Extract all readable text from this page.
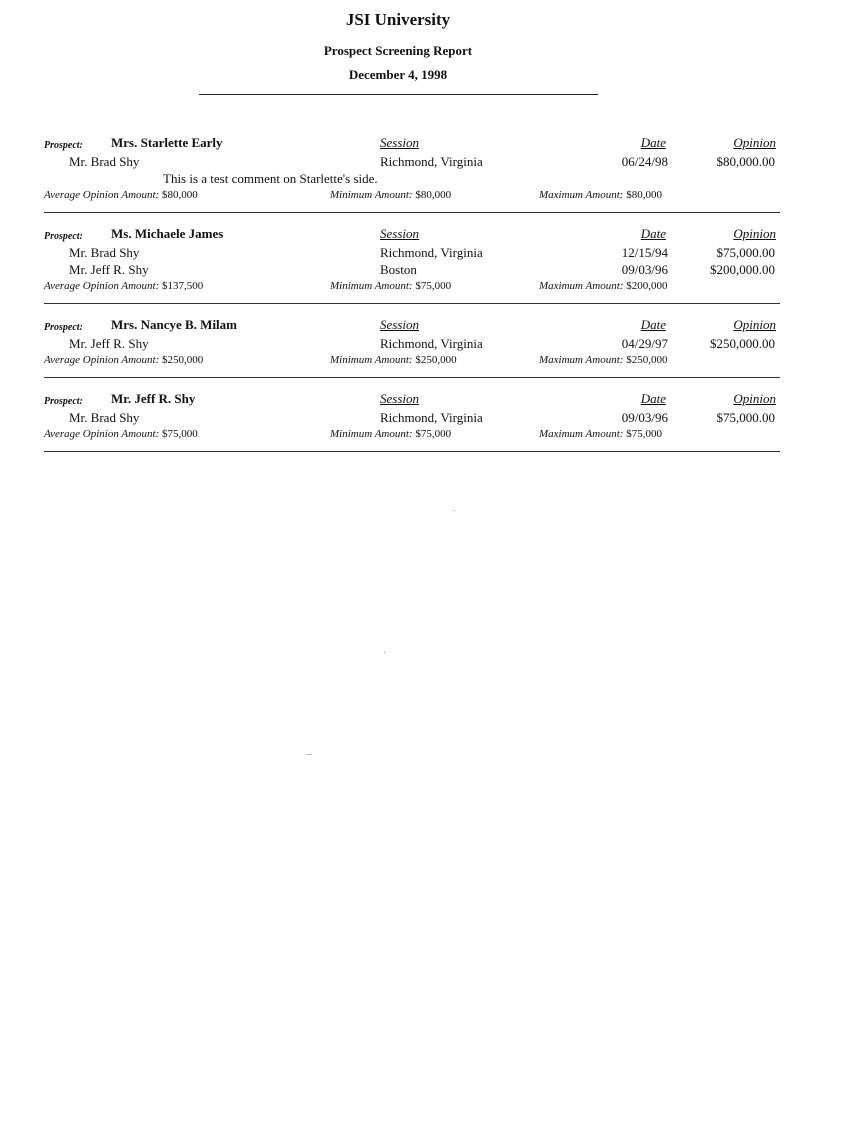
JSI University
Prospect Screening Report
December 4, 1998
Prospect: Mrs. Starlette Early	Session	Date	Opinion
Mr. Brad Shy	Richmond, Virginia	06/24/98	$80,000.00
This is a test comment on Starlette's side.
Average Opinion Amount: $80,000	Minimum Amount: $80,000	Maximum Amount: $80,000
Prospect: Ms. Michaele James	Session	Date	Opinion
Mr. Brad Shy	Richmond, Virginia	12/15/94	$75,000.00
Mr. Jeff R. Shy	Boston	09/03/96	$200,000.00
Average Opinion Amount: $137,500	Minimum Amount: $75,000	Maximum Amount: $200,000
Prospect: Mrs. Nancye B. Milam	Session	Date	Opinion
Mr. Jeff R. Shy	Richmond, Virginia	04/29/97	$250,000.00
Average Opinion Amount: $250,000	Minimum Amount: $250,000	Maximum Amount: $250,000
Prospect: Mr. Jeff R. Shy	Session	Date	Opinion
Mr. Brad Shy	Richmond, Virginia	09/03/96	$75,000.00
Average Opinion Amount: $75,000	Minimum Amount: $75,000	Maximum Amount: $75,000
